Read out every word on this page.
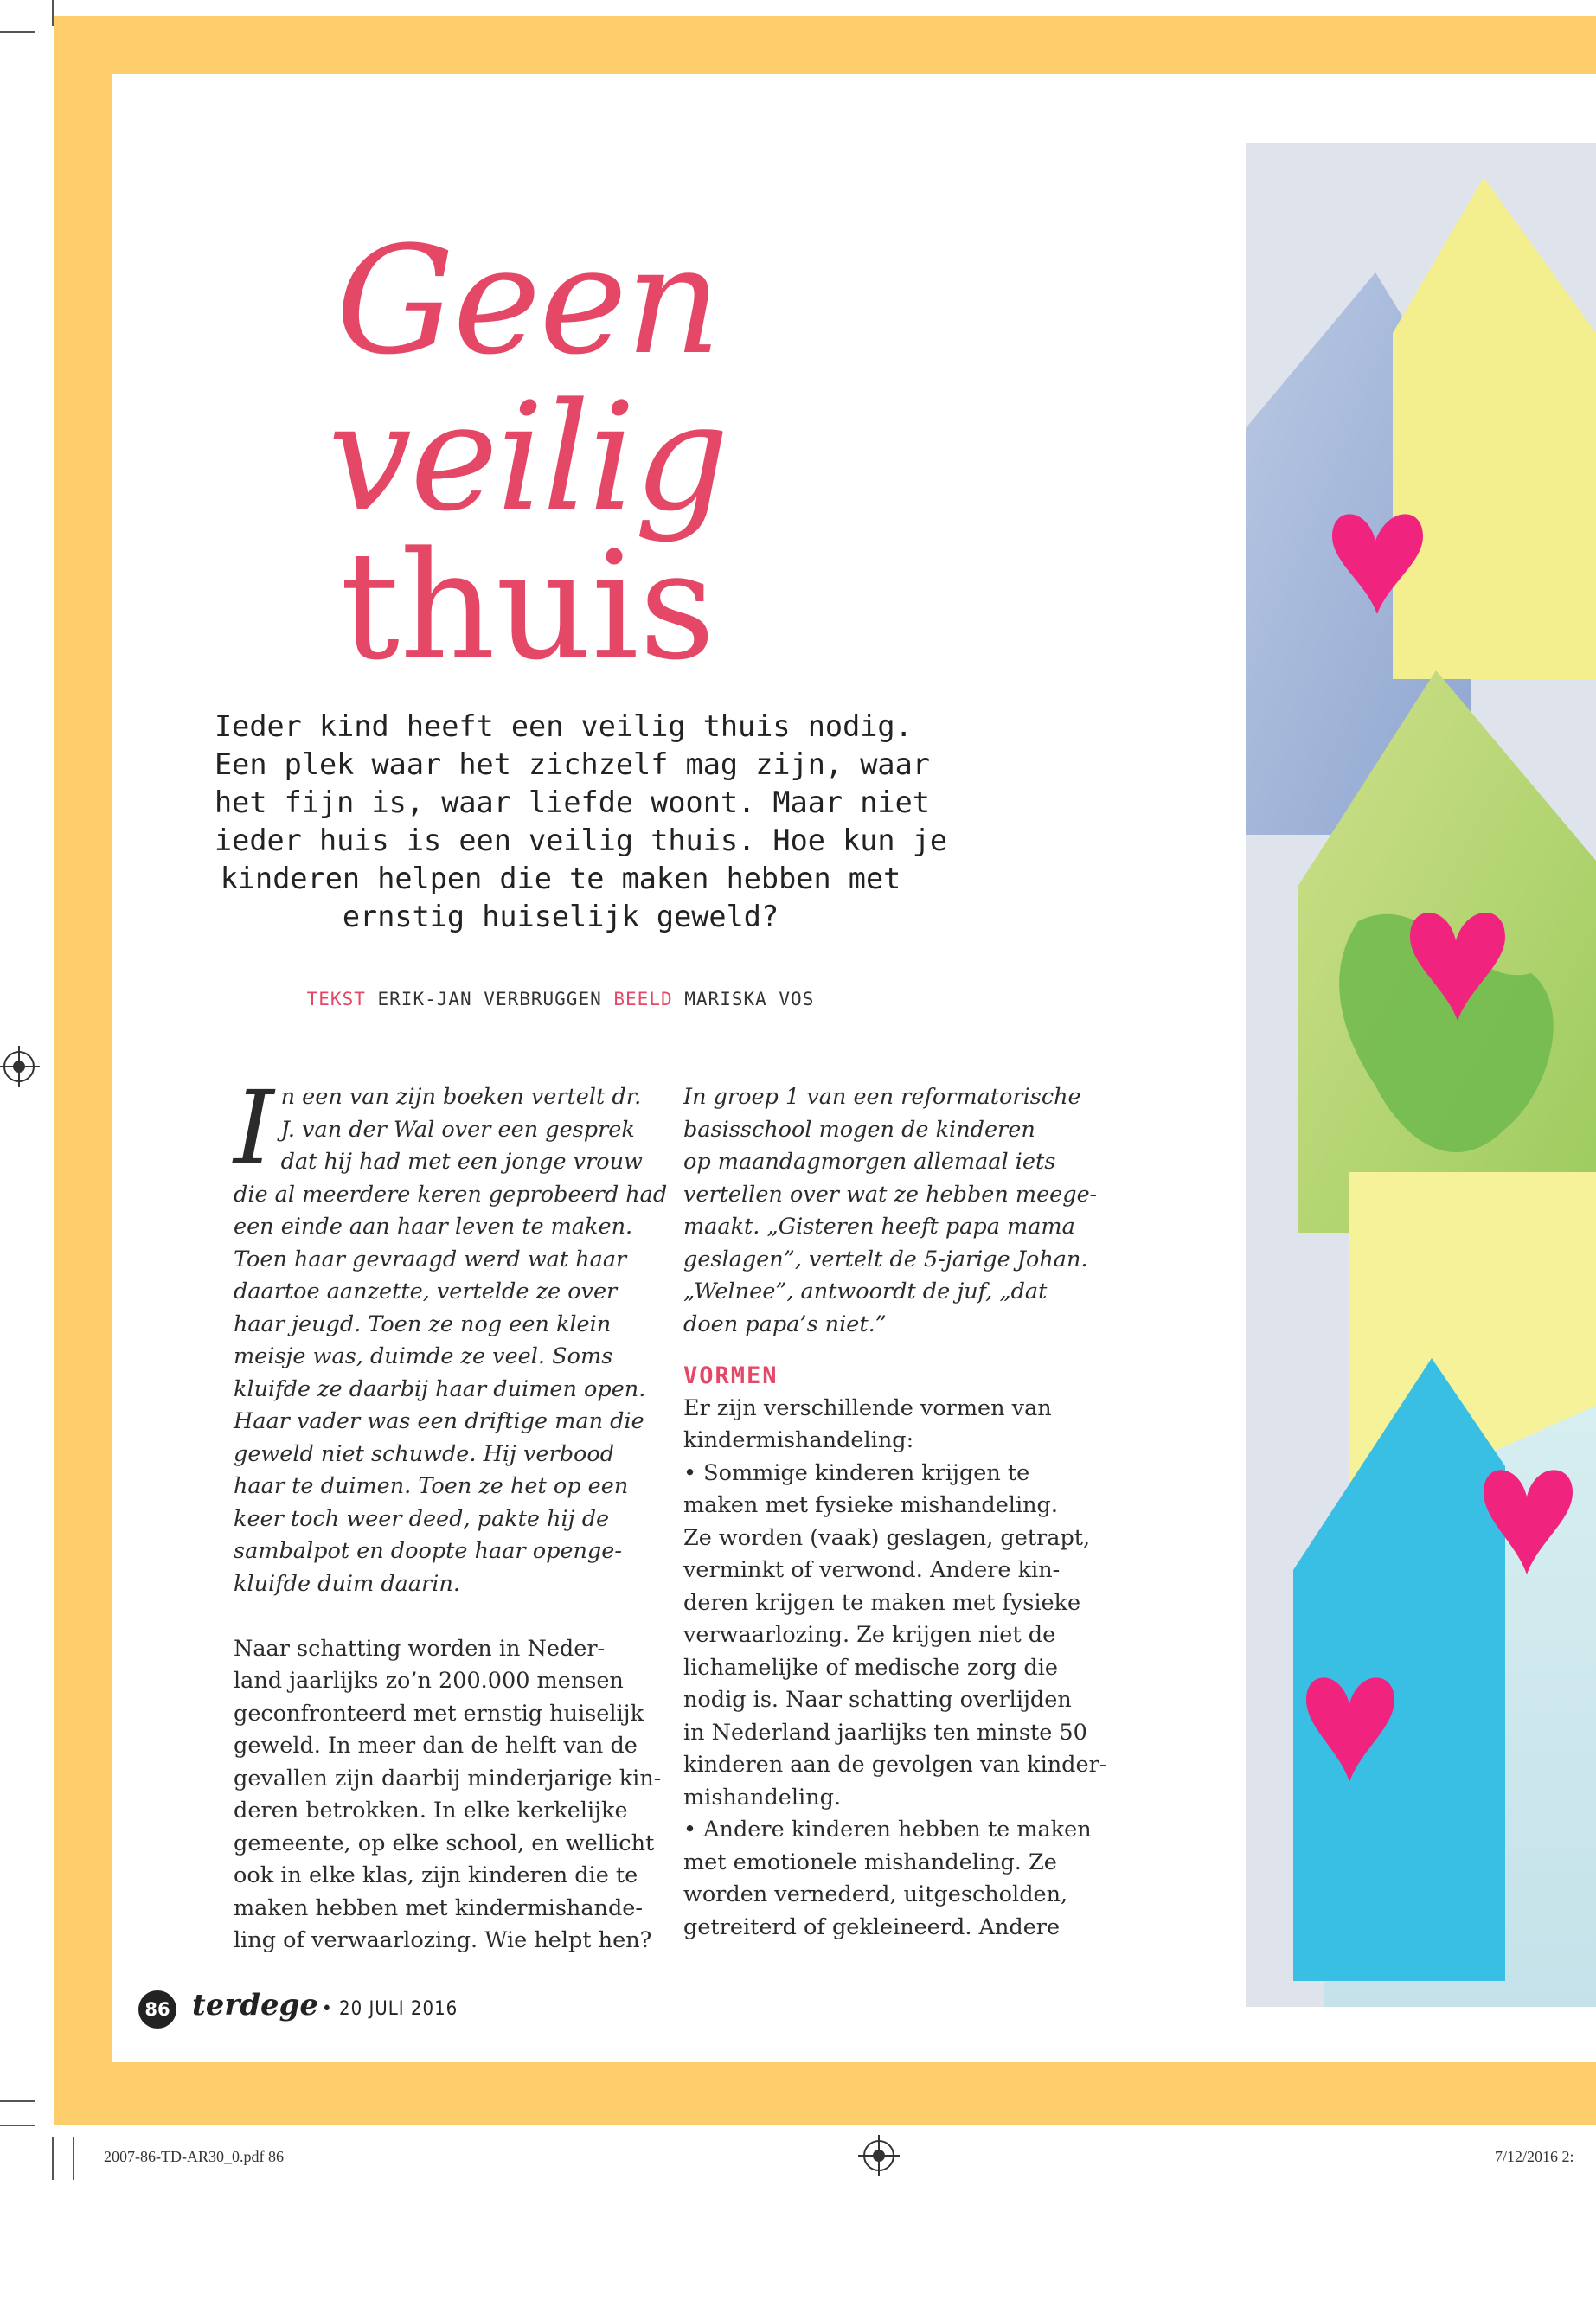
Geen veilig
thuis
Ieder kind heeft een veilig thuis nodig.
Een plek waar het zichzelf mag zijn, waar
het fijn is, waar liefde woont. Maar niet
ieder huis is een veilig thuis. Hoe kun je
kinderen helpen die te maken hebben met
ernstig huiselijk geweld?
TEKST ERIK-JAN VERBRUGGEN BEELD MARISKA VOS
I n een van zijn boeken vertelt dr.
J. van der Wal over een gesprek
dat hij had met een jonge vrouw
die al meerdere keren geprobeerd had
een einde aan haar leven te maken.
Toen haar gevraagd werd wat haar
daartoe aanzette, vertelde ze over
haar jeugd. Toen ze nog een klein
meisje was, duimde ze veel. Soms
kluifde ze daarbij haar duimen open.
Haar vader was een driftige man die
geweld niet schuwde. Hij verbood
haar te duimen. Toen ze het op een
keer toch weer deed, pakte hij de
sambalpot en doopte haar openge-
kluifde duim daarin.
Naar schatting worden in Neder-
land jaarlijks zo’n 200.000 mensen
geconfronteerd met ernstig huiselijk
geweld. In meer dan de helft van de
gevallen zijn daarbij minderjarige kin-
deren betrokken. In elke kerkelijke
gemeente, op elke school, en wellicht
ook in elke klas, zijn kinderen die te
maken hebben met kindermishande-
ling of verwaarlozing. Wie helpt hen?
In groep 1 van een reformatorische
basisschool mogen de kinderen
op maandagmorgen allemaal iets
vertellen over wat ze hebben meege-
maakt. „Gisteren heeft papa mama
geslagen”, vertelt de 5-jarige Johan.
„Welnee”, antwoordt de juf, „dat
doen papa’s niet.”
VORMEN
Er zijn verschillende vormen van
kindermishandeling:
• Sommige kinderen krijgen te
maken met fysieke mishandeling.
Ze worden (vaak) geslagen, getrapt,
verminkt of verwond. Andere kin-
deren krijgen te maken met fysieke
verwaarlozing. Ze krijgen niet de
lichamelijke of medische zorg die
nodig is. Naar schatting overlijden
in Nederland jaarlijks ten minste 50
kinderen aan de gevolgen van kinder-
mishandeling.
• Andere kinderen hebben te maken
met emotionele mishandeling. Ze
worden vernederd, uitgescholden,
getreiterd of gekleineerd. Andere
86 terdege • 20 JULI 2016
2007-86-TD-AR30_0.pdf 86	7/12/2016 2:
